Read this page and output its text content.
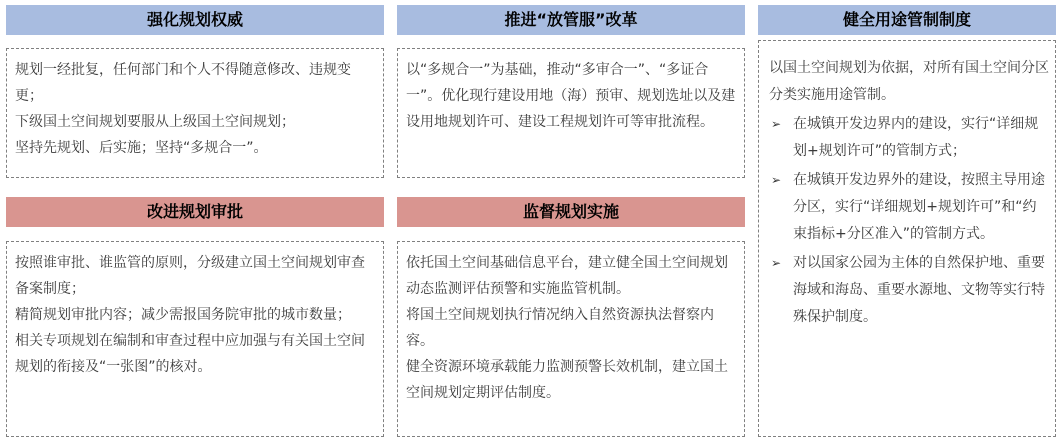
强化规划权威

规划一经批复，任何部门和个人不得随意修改、违规变更；

下级国土空间规划要服从上级国土空间规划；

坚持先规划、后实施；坚持“多规合一”。

改进规划审批

按照谁审批、谁监管的原则，分级建立国土空间规划审查备案制度；

精简规划审批内容；减少需报国务院审批的城市数量；

相关专项规划在编制和审查过程中应加强与有关国土空间规划的衔接及“一张图”的核对。

推进“放管服”改革

以“多规合一”为基础，推动“多审合一”、“多证合一”。优化现行建设用地（海）预审、规划选址以及建设用地规划许可、建设工程规划许可等审批流程。

监督规划实施

依托国土空间基础信息平台，建立健全国土空间规划动态监测评估预警和实施监管机制。

将国土空间规划执行情况纳入自然资源执法督察内容。

健全资源环境承载能力监测预警长效机制，建立国土空间规划定期评估制度。

健全用途管制制度

以国土空间规划为依据，对所有国土空间分区分类实施用途管制。

➢ 在城镇开发边界内的建设，实行“详细规划+规划许可”的管制方式；
➢ 在城镇开发边界外的建设，按照主导用途分区，实行“详细规划+规划许可”和“约束指标+分区准入”的管制方式。
➢ 对以国家公园为主体的自然保护地、重要海域和海岛、重要水源地、文物等实行特殊保护制度。
